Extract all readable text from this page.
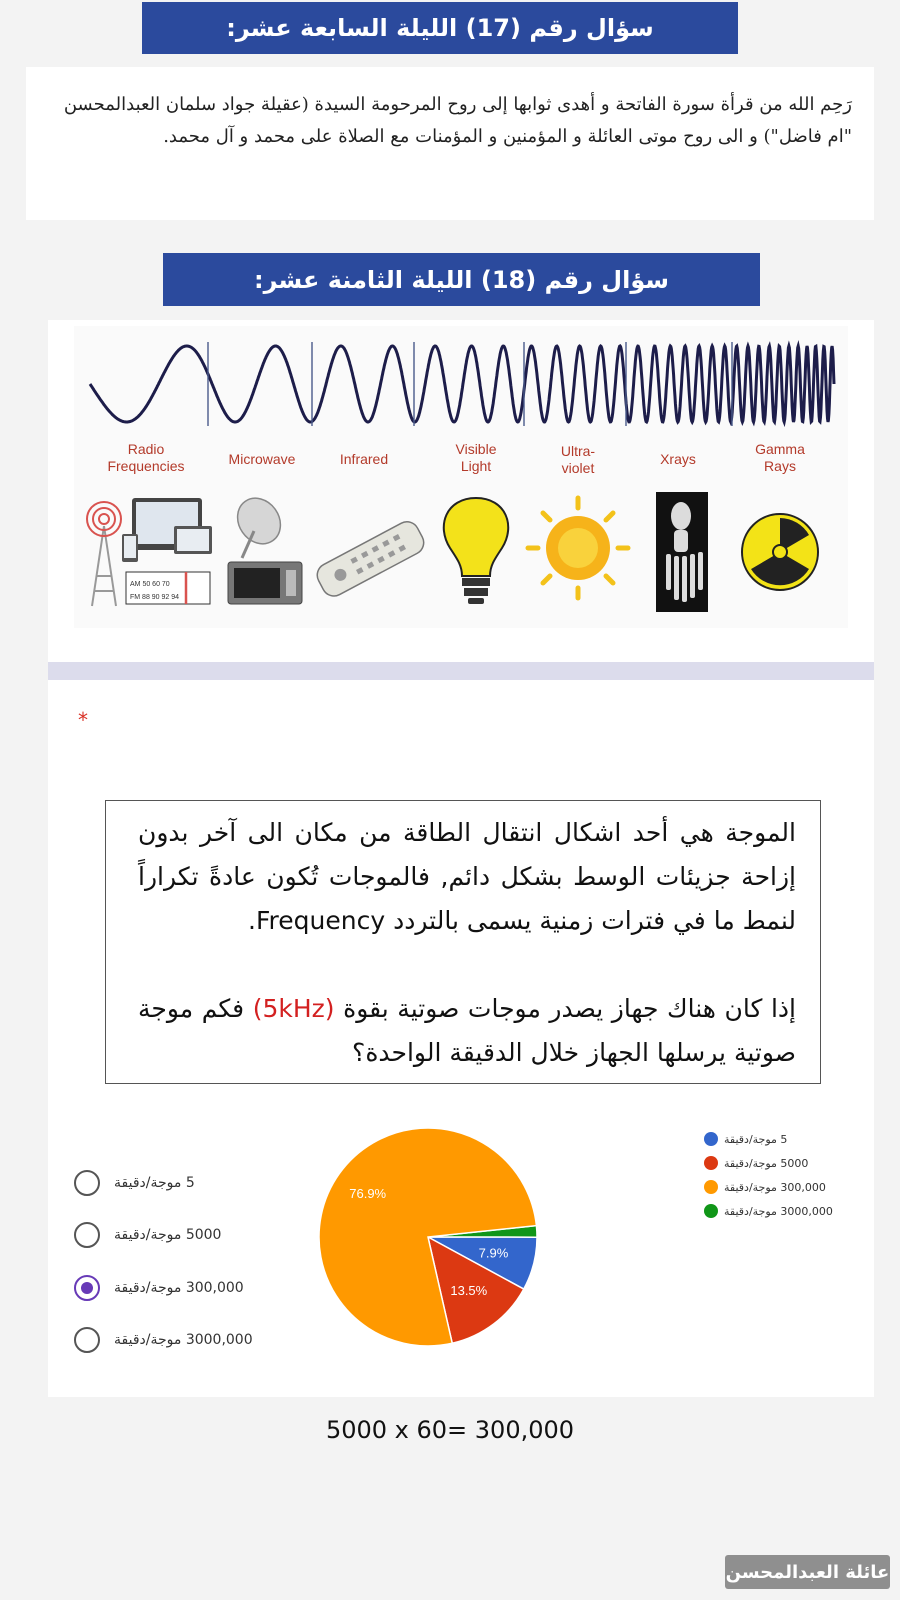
سؤال رقم (17) الليلة السابعة عشر:

رَحِم الله من قرأة سورة الفاتحة و أهدى ثوابها إلى روح المرحومة السيدة (عقيلة جواد سلمان العبدالمحسن "ام فاضل") و الى روح موتى العائلة و المؤمنين و المؤمنات مع الصلاة على محمد و آل محمد.

سؤال رقم (18) الليلة الثامنة عشر:
Radio
Frequencies	Microwave	Infrared
Visible
Light
Ultra-
violet
Xrays
Gamma
Rays
AM 50 60 70
FM 88 90 92 94
*
الموجة هي أحد اشكال انتقال الطاقة من مكان الى آخر بدون إزاحة جزيئات الوسط بشكل دائم, فالموجات تُكون عادةً تكراراً لنمط ما في فترات زمنية يسمى بالتردد Frequency.
إذا كان هناك جهاز يصدر موجات صوتية بقوة (5kHz) فكم موجة صوتية يرسلها الجهاز خلال الدقيقة الواحدة؟
5 موجة/دقيقة
5000 موجة/دقيقة
300,000 موجة/دقيقة
3000,000 موجة/دقيقة
7.9%
13.5%
76.9%
5 موجة/دقيقة
5000 موجة/دقيقة
300,000 موجة/دقيقة
3000,000 موجة/دقيقة
5000 x 60= 300,000
عائلة العبدالمحسن
